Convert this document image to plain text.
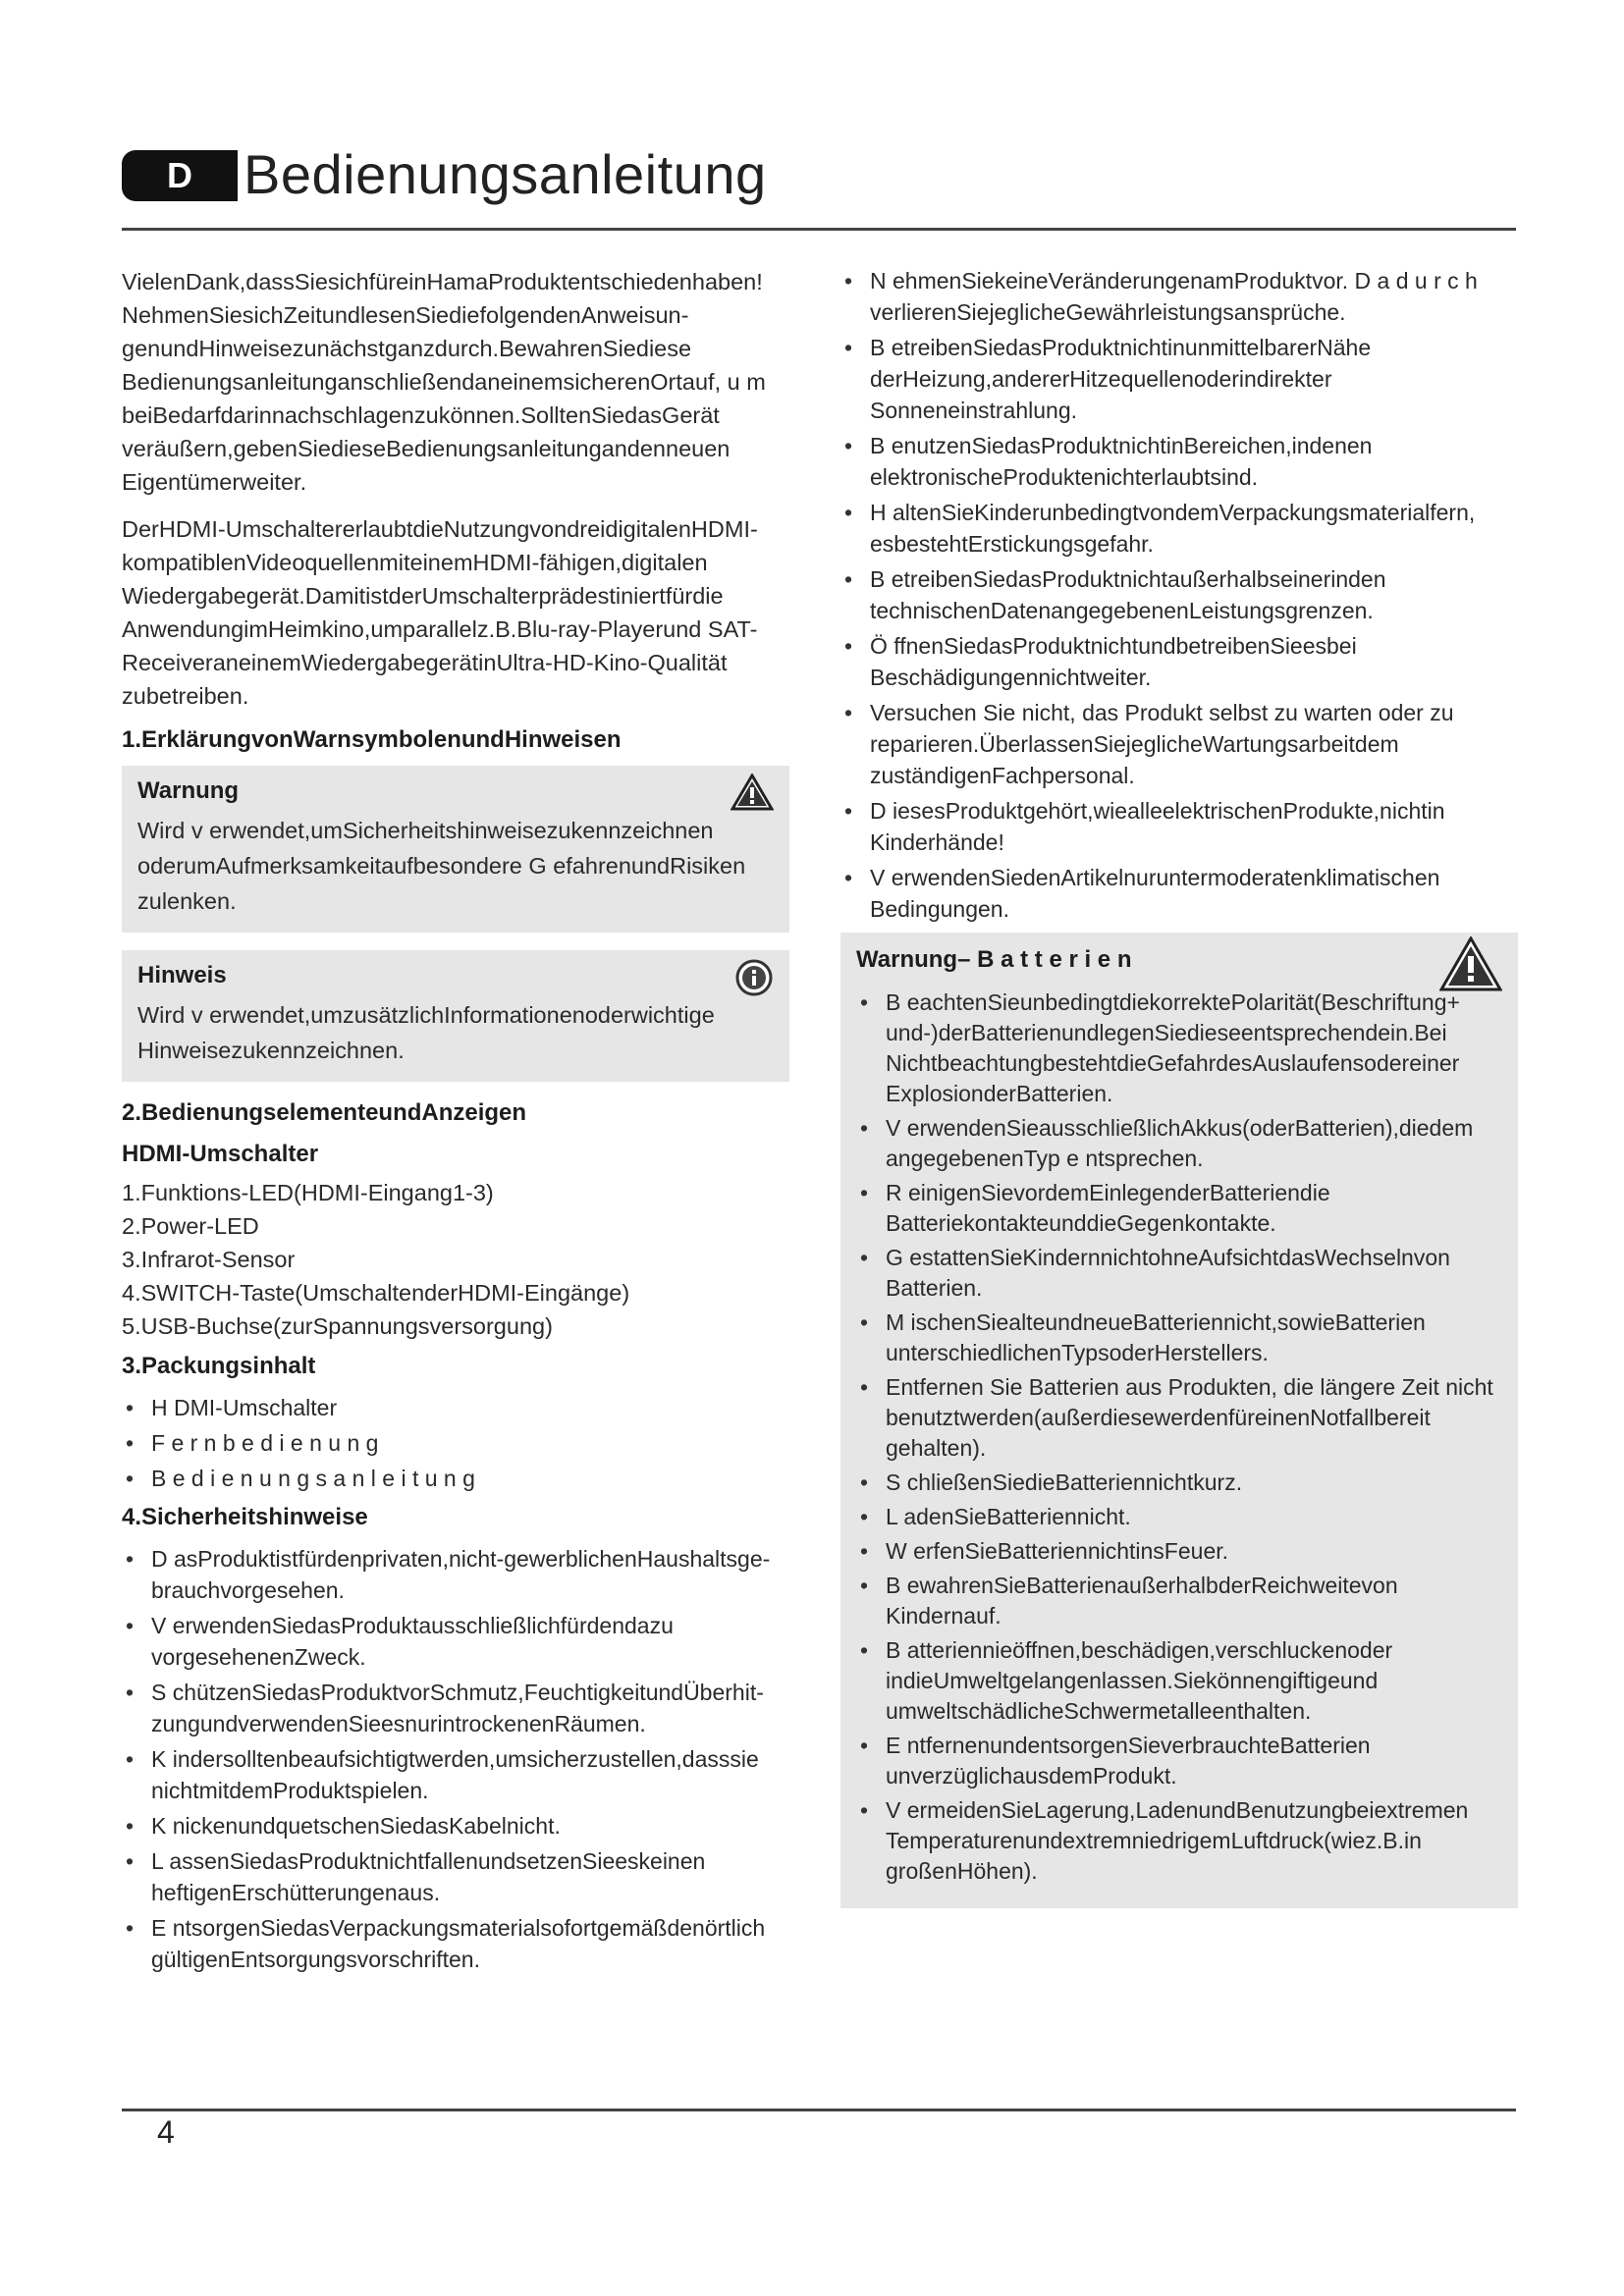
D Bedienungsanleitung

VielenDank,dassSiesichfüreinHamaProduktentschiedenhaben! NehmenSiesichZeitundlesenSiediefolgendenAnweisun- genundHinweisezunächstganzdurch.BewahrenSiediese BedienungsanleitunganschließendaneinemsicherenOrtauf, u m beiBedarfdarinnachschlagenzukönnen.SolltenSiedasGerät veräußern,gebenSiedieseBedienungsanleitungandenneuen Eigentümerweiter.

DerHDMI-UmschaltererlaubtdieNutzungvondreidigitalenHDMI- kompatiblenVideoquellenmiteinemHDMI-fähigen,digitalen Wiedergabegerät.DamitistderUmschalterprädestiniertfürdie AnwendungimHeimkino,umparallelz.B.Blu-ray-Playerund SAT-ReceiveraneinemWiedergabegerätinUltra-HD-Kino-Qualität zubetreiben.

1.ErklärungvonWarnsymbolenundHinweisen
Warnung

Wird v erwendet,umSicherheitshinweisezukennzeichnen oderumAufmerksamkeitaufbesondere G efahrenundRisiken zulenken.

Hinweis

Wird v erwendet,umzusätzlichInformationenoderwichtige Hinweisezukennzeichnen.

2.BedienungselementeundAnzeigen
HDMI-Umschalter
1.Funktions-LED(HDMI-Eingang1-3)
2.Power-LED
3.Infrarot-Sensor
4.SWITCH-Taste(UmschaltenderHDMI-Eingänge)
5.USB-Buchse(zurSpannungsversorgung)
3.Packungsinhalt
• H DMI-Umschalter
• F e r n b e d i e n u n g
• B e d i e n u n g s a n l e i t u n g
4.Sicherheitshinweise
• D asProduktistfürdenprivaten,nicht-gewerblichenHaushaltsge- brauchvorgesehen.
• V erwendenSiedasProduktausschließlichfürdendazu vorgesehenenZweck.
• S chützenSiedasProduktvorSchmutz,FeuchtigkeitundÜberhit- zungundverwendenSieesnurintrockenenRäumen.
• K indersolltenbeaufsichtigtwerden,umsicherzustellen,dasssie nichtmitdemProduktspielen.
• K nickenundquetschenSiedasKabelnicht.
• L assenSiedasProduktnichtfallenundsetzenSieeskeinen heftigenErschütterungenaus.
• E ntsorgenSiedasVerpackungsmaterialsofortgemäßdenörtlich gültigenEntsorgungsvorschriften.
• N ehmenSiekeineVeränderungenamProduktvor. D a d u r c h verlierenSiejeglicheGewährleistungsansprüche.
• B etreibenSiedasProduktnichtinunmittelbarerNähe derHeizung,andererHitzequellenoderindirekter Sonneneinstrahlung.
• B enutzenSiedasProduktnichtinBereichen,indenen elektronischeProduktenichterlaubtsind.
• H altenSieKinderunbedingtvondemVerpackungsmaterialfern, esbestehtErstickungsgefahr.
• B etreibenSiedasProduktnichtaußerhalbseinerinden technischenDatenangegebenenLeistungsgrenzen.
• Ö ffnenSiedasProduktnichtundbetreibenSieesbei Beschädigungennichtweiter.
• Versuchen Sie nicht, das Produkt selbst zu warten oder zu reparieren.ÜberlassenSiejeglicheWartungsarbeitdem zuständigenFachpersonal.
• D iesesProduktgehört,wiealleelektrischenProdukte,nichtin Kinderhände!
• V erwendenSiedenArtikelnuruntermoderatenklimatischen Bedingungen.
Warnung– B a t t e r i e n
• B eachtenSieunbedingtdiekorrektePolarität(Beschriftung+ und-)derBatterienundlegenSiedieseentsprechendein.Bei NichtbeachtungbestehtdieGefahrdesAuslaufensodereiner ExplosionderBatterien.
• V erwendenSieausschließlichAkkus(oderBatterien),diedem angegebenenTyp e ntsprechen.
• R einigenSievordemEinlegenderBatteriendie BatteriekontakteunddieGegenkontakte.
• G estattenSieKindernnichtohneAufsichtdasWechselnvon Batterien.
• M ischenSiealteundneueBatteriennicht,sowieBatterien unterschiedlichenTypsoderHerstellers.
• Entfernen Sie Batterien aus Produkten, die längere Zeit nicht benutztwerden(außerdiesewerdenfüreinenNotfallbereit gehalten).
• S chließenSiedieBatteriennichtkurz.
• L adenSieBatteriennicht.
• W erfenSieBatteriennichtinsFeuer.
• B ewahrenSieBatterienaußerhalbderReichweitevon Kindernauf.
• B atteriennieöffnen,beschädigen,verschluckenoder indieUmweltgelangenlassen.Siekönnengiftigeund umweltschädlicheSchwermetalleenthalten.
• E ntfernenundentsorgenSieverbrauchteBatterien unverzüglichausdemProdukt.
• V ermeidenSieLagerung,LadenundBenutzungbeiextremen TemperaturenundextremniedrigemLuftdruck(wiez.B.in großenHöhen).
4
